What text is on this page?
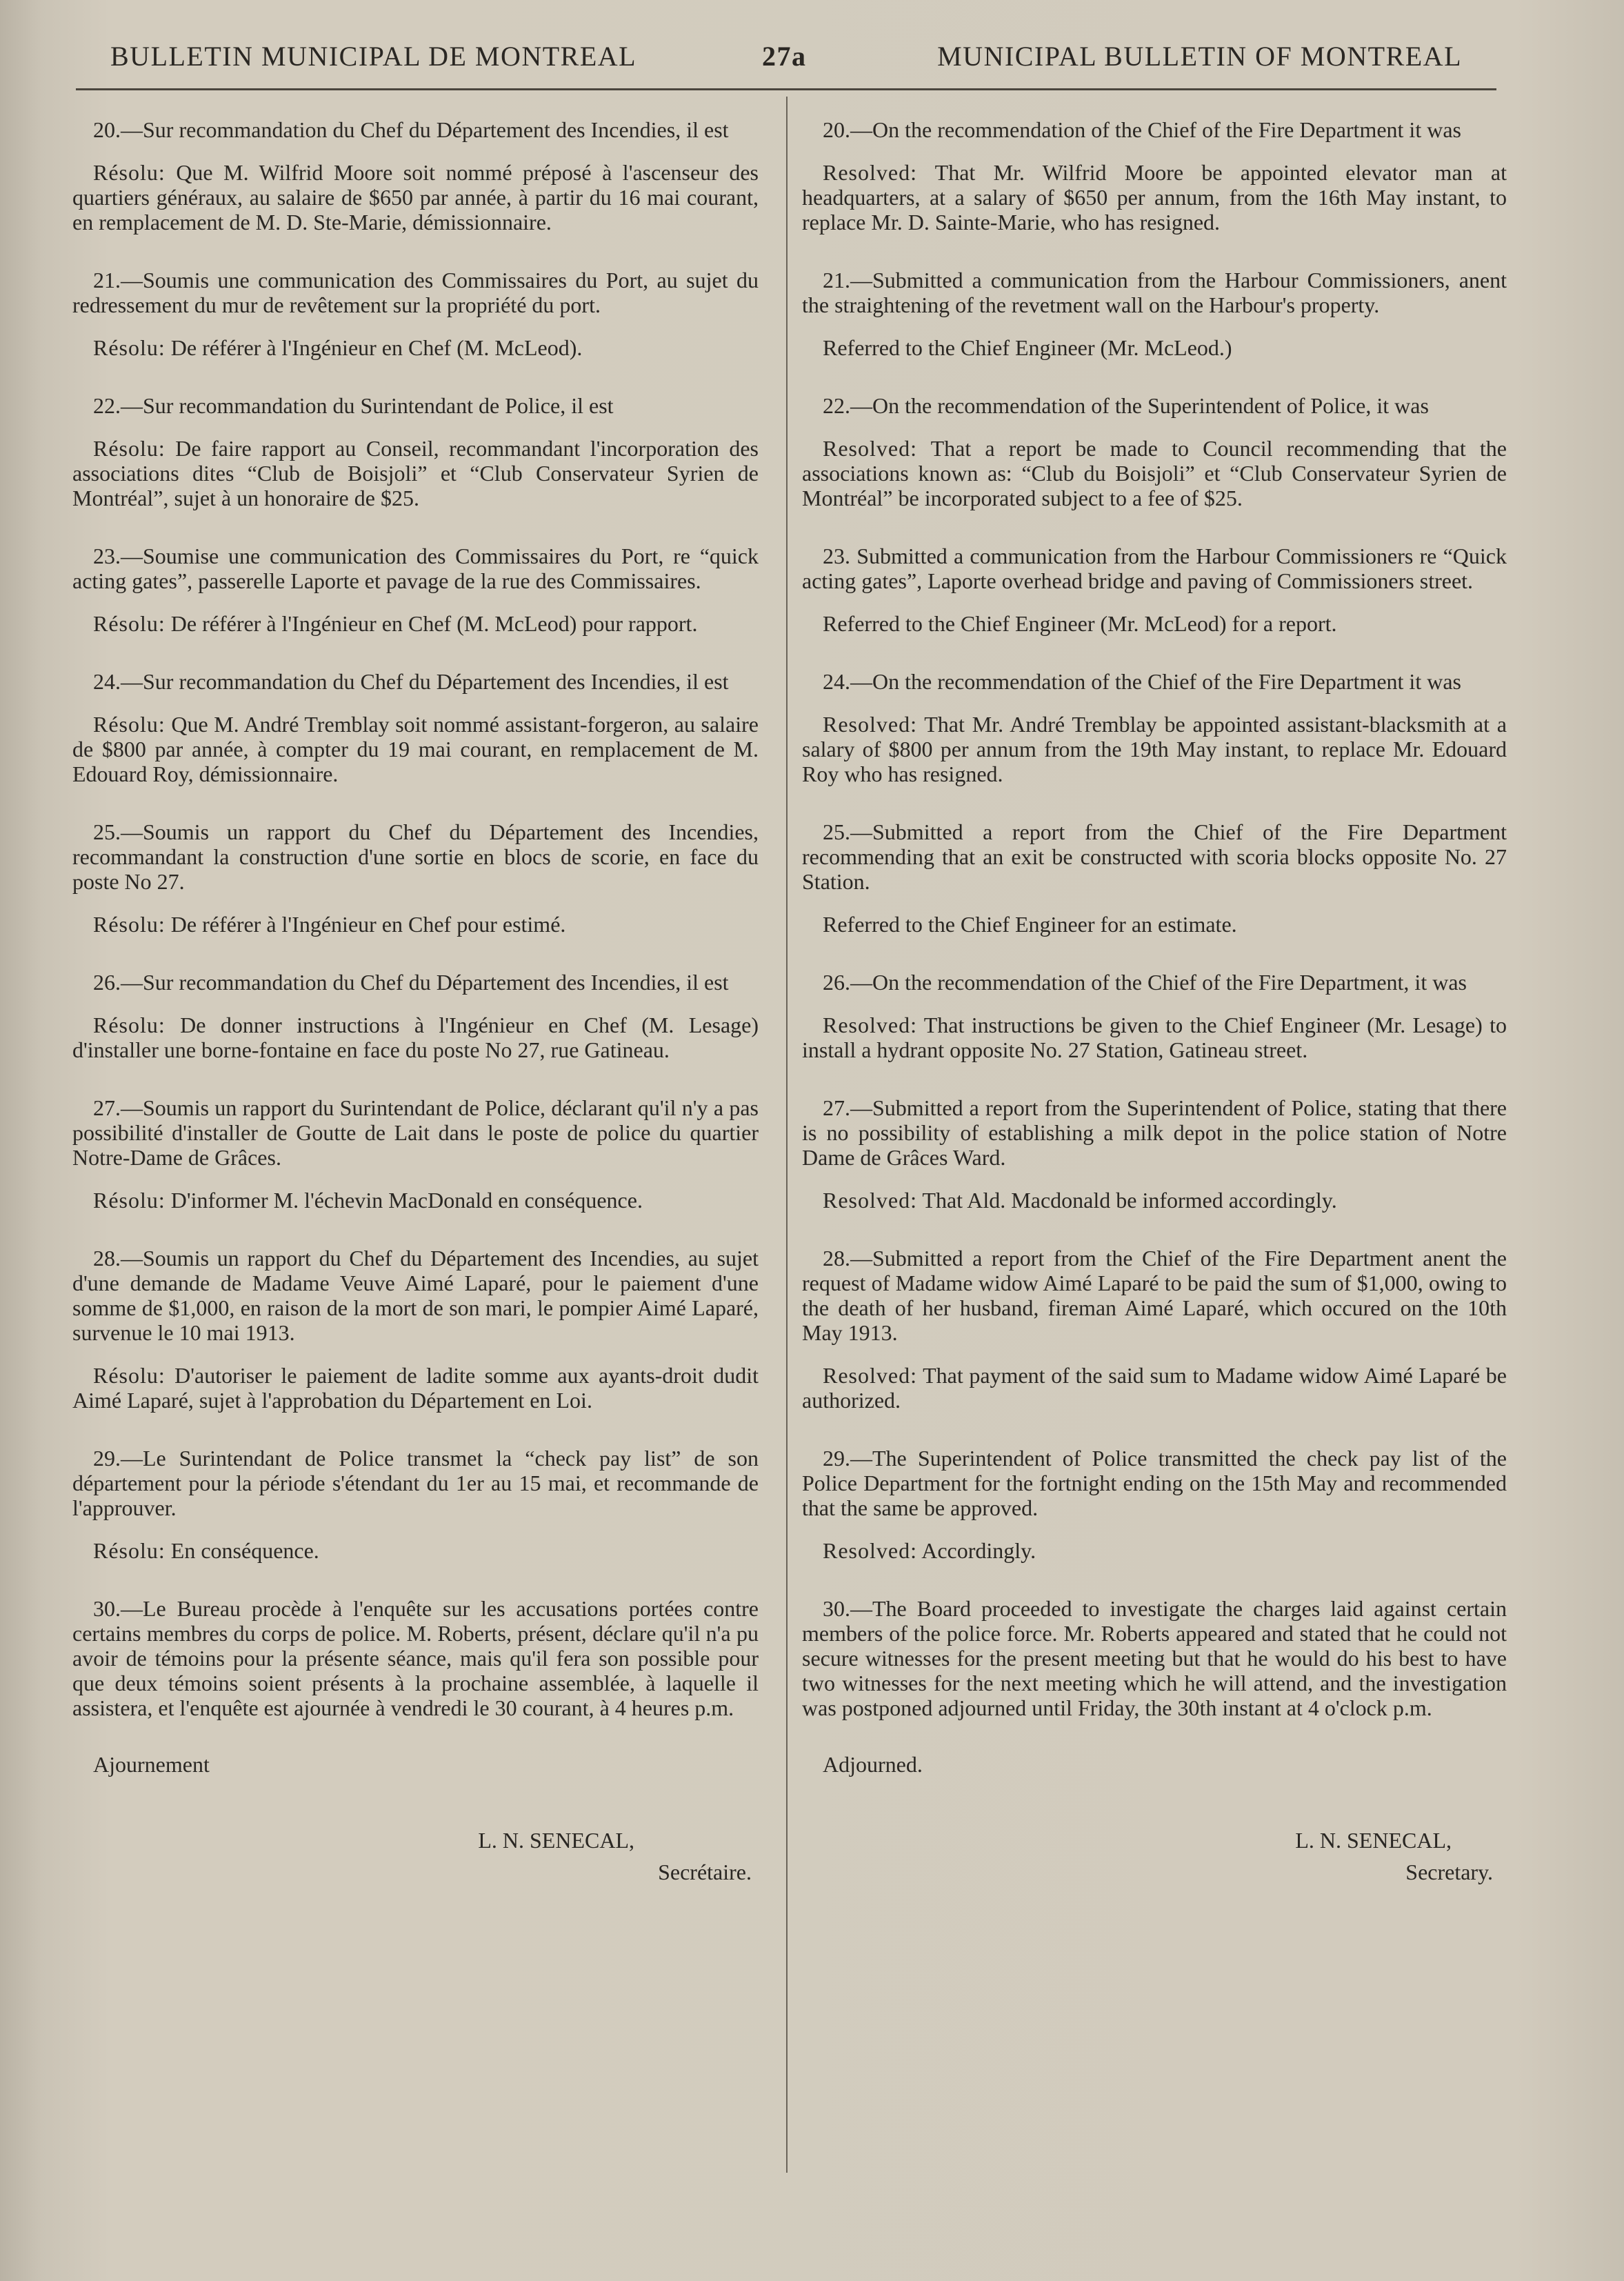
BULLETIN MUNICIPAL DE MONTREAL	27a	MUNICIPAL BULLETIN OF MONTREAL

20.—Sur recommandation du Chef du Département des Incendies, il est

Résolu: Que M. Wilfrid Moore soit nommé préposé à l'ascenseur des quartiers généraux, au salaire de $650 par année, à partir du 16 mai courant, en remplacement de M. D. Ste-Marie, démissionnaire.

21.—Soumis une communication des Commissaires du Port, au sujet du redressement du mur de revêtement sur la propriété du port.

Résolu: De référer à l'Ingénieur en Chef (M. McLeod).

22.—Sur recommandation du Surintendant de Police, il est

Résolu: De faire rapport au Conseil, recommandant l'incorporation des associations dites “Club de Boisjoli” et “Club Conservateur Syrien de Montréal”, sujet à un honoraire de $25.

23.—Soumise une communication des Commissaires du Port, re “quick acting gates”, passerelle Laporte et pavage de la rue des Commissaires.

Résolu: De référer à l'Ingénieur en Chef (M. McLeod) pour rapport.

24.—Sur recommandation du Chef du Département des Incendies, il est

Résolu: Que M. André Tremblay soit nommé assistant-forgeron, au salaire de $800 par année, à compter du 19 mai courant, en remplacement de M. Edouard Roy, démissionnaire.

25.—Soumis un rapport du Chef du Département des Incendies, recommandant la construction d'une sortie en blocs de scorie, en face du poste No 27.

Résolu: De référer à l'Ingénieur en Chef pour estimé.

26.—Sur recommandation du Chef du Département des Incendies, il est

Résolu: De donner instructions à l'Ingénieur en Chef (M. Lesage) d'installer une borne-fontaine en face du poste No 27, rue Gatineau.

27.—Soumis un rapport du Surintendant de Police, déclarant qu'il n'y a pas possibilité d'installer de Goutte de Lait dans le poste de police du quartier Notre-Dame de Grâces.

Résolu: D'informer M. l'échevin MacDonald en conséquence.

28.—Soumis un rapport du Chef du Département des Incendies, au sujet d'une demande de Madame Veuve Aimé Laparé, pour le paiement d'une somme de $1,000, en raison de la mort de son mari, le pompier Aimé Laparé, survenue le 10 mai 1913.

Résolu: D'autoriser le paiement de ladite somme aux ayants-droit dudit Aimé Laparé, sujet à l'approbation du Département en Loi.

29.—Le Surintendant de Police transmet la “check pay list” de son département pour la période s'étendant du 1er au 15 mai, et recommande de l'approuver.

Résolu: En conséquence.

30.—Le Bureau procède à l'enquête sur les accusations portées contre certains membres du corps de police. M. Roberts, présent, déclare qu'il n'a pu avoir de témoins pour la présente séance, mais qu'il fera son possible pour que deux témoins soient présents à la prochaine assemblée, à laquelle il assistera, et l'enquête est ajournée à vendredi le 30 courant, à 4 heures p.m.

Ajournement

L. N. SENECAL,

Secrétaire.

20.—On the recommendation of the Chief of the Fire Department it was

Resolved: That Mr. Wilfrid Moore be appointed elevator man at headquarters, at a salary of $650 per annum, from the 16th May instant, to replace Mr. D. Sainte-Marie, who has resigned.

21.—Submitted a communication from the Harbour Commissioners, anent the straightening of the revetment wall on the Harbour's property.

Referred to the Chief Engineer (Mr. McLeod.)

22.—On the recommendation of the Superintendent of Police, it was

Resolved: That a report be made to Council recommending that the associations known as: “Club du Boisjoli” et “Club Conservateur Syrien de Montréal” be incorporated subject to a fee of $25.

23. Submitted a communication from the Harbour Commissioners re “Quick acting gates”, Laporte overhead bridge and paving of Commissioners street.

Referred to the Chief Engineer (Mr. McLeod) for a report.

24.—On the recommendation of the Chief of the Fire Department it was

Resolved: That Mr. André Tremblay be appointed assistant-blacksmith at a salary of $800 per annum from the 19th May instant, to replace Mr. Edouard Roy who has resigned.

25.—Submitted a report from the Chief of the Fire Department recommending that an exit be constructed with scoria blocks opposite No. 27 Station.

Referred to the Chief Engineer for an estimate.

26.—On the recommendation of the Chief of the Fire Department, it was

Resolved: That instructions be given to the Chief Engineer (Mr. Lesage) to install a hydrant opposite No. 27 Station, Gatineau street.

27.—Submitted a report from the Superintendent of Police, stating that there is no possibility of establishing a milk depot in the police station of Notre Dame de Grâces Ward.

Resolved: That Ald. Macdonald be informed accordingly.

28.—Submitted a report from the Chief of the Fire Department anent the request of Madame widow Aimé Laparé to be paid the sum of $1,000, owing to the death of her husband, fireman Aimé Laparé, which occured on the 10th May 1913.

Resolved: That payment of the said sum to Madame widow Aimé Laparé be authorized.

29.—The Superintendent of Police transmitted the check pay list of the Police Department for the fortnight ending on the 15th May and recommended that the same be approved.

Resolved: Accordingly.

30.—The Board proceeded to investigate the charges laid against certain members of the police force. Mr. Roberts appeared and stated that he could not secure witnesses for the present meeting but that he would do his best to have two witnesses for the next meeting which he will attend, and the investigation was postponed adjourned until Friday, the 30th instant at 4 o'clock p.m.

Adjourned.

L. N. SENECAL,

Secretary.
